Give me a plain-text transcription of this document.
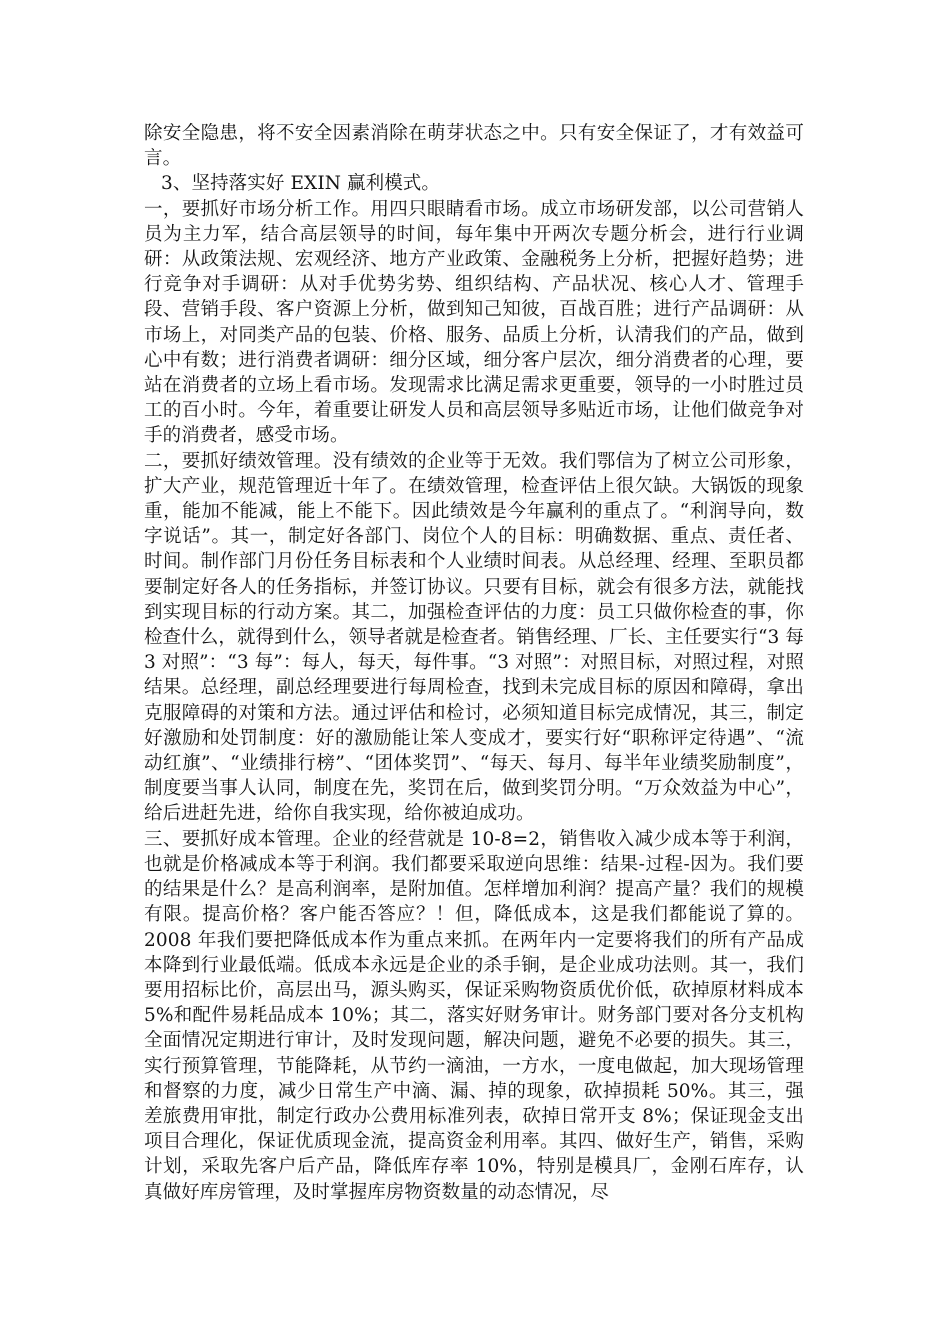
除安全隐患，将不安全因素消除在萌芽状态之中。只有安全保证了，才有效益可言。

3、坚持落实好 EXIN 赢利模式。

一，要抓好市场分析工作。用四只眼睛看市场。成立市场研发部，以公司营销人员为主力军，结合高层领导的时间，每年集中开两次专题分析会，进行行业调研：从政策法规、宏观经济、地方产业政策、金融税务上分析，把握好趋势；进行竞争对手调研：从对手优势劣势、组织结构、产品状况、核心人才、管理手段、营销手段、客户资源上分析，做到知己知彼，百战百胜；进行产品调研：从市场上，对同类产品的包装、价格、服务、品质上分析，认清我们的产品，做到心中有数；进行消费者调研：细分区域，细分客户层次，细分消费者的心理，要站在消费者的立场上看市场。发现需求比满足需求更重要，领导的一小时胜过员工的百小时。今年，着重要让研发人员和高层领导多贴近市场，让他们做竞争对手的消费者，感受市场。

二，要抓好绩效管理。没有绩效的企业等于无效。我们鄂信为了树立公司形象，扩大产业，规范管理近十年了。在绩效管理，检查评估上很欠缺。大锅饭的现象重，能加不能减，能上不能下。因此绩效是今年赢利的重点了。“利润导向，数字说话”。其一，制定好各部门、岗位个人的目标：明确数据、重点、责任者、时间。制作部门月份任务目标表和个人业绩时间表。从总经理、经理、至职员都要制定好各人的任务指标，并签订协议。只要有目标，就会有很多方法，就能找到实现目标的行动方案。其二，加强检查评估的力度：员工只做你检查的事，你检查什么，就得到什么，领导者就是检查者。销售经理、厂长、主任要实行“3 每 3 对照”：“3 每”：每人，每天，每件事。“3 对照”：对照目标，对照过程，对照结果。总经理，副总经理要进行每周检查，找到未完成目标的原因和障碍，拿出克服障碍的对策和方法。通过评估和检讨，必须知道目标完成情况，其三，制定好激励和处罚制度：好的激励能让笨人变成才，要实行好“职称评定待遇”、“流动红旗”、“业绩排行榜”、“团体奖罚”、“每天、每月、每半年业绩奖励制度”，制度要当事人认同，制度在先，奖罚在后，做到奖罚分明。“万众效益为中心”，给后进赶先进，给你自我实现，给你被迫成功。

三、要抓好成本管理。企业的经营就是 10-8=2，销售收入减少成本等于利润，也就是价格减成本等于利润。我们都要采取逆向思维：结果-过程-因为。我们要的结果是什么？是高利润率，是附加值。怎样增加利润？提高产量？我们的规模有限。提高价格？客户能否答应？！但，降低成本，这是我们都能说了算的。2008 年我们要把降低成本作为重点来抓。在两年内一定要将我们的所有产品成本降到行业最低端。低成本永远是企业的杀手锏，是企业成功法则。其一，我们要用招标比价，高层出马，源头购买，保证采购物资质优价低，砍掉原材料成本 5%和配件易耗品成本 10%；其二，落实好财务审计。财务部门要对各分支机构全面情况定期进行审计，及时发现问题，解决问题，避免不必要的损失。其三，实行预算管理，节能降耗，从节约一滴油，一方水，一度电做起，加大现场管理和督察的力度，减少日常生产中滴、漏、掉的现象，砍掉损耗 50%。其三，强差旅费用审批，制定行政办公费用标准列表，砍掉日常开支 8%；保证现金支出项目合理化，保证优质现金流，提高资金利用率。其四、做好生产，销售，采购计划，采取先客户后产品，降低库存率 10%，特别是模具厂，金刚石库存，认真做好库房管理，及时掌握库房物资数量的动态情况，尽
